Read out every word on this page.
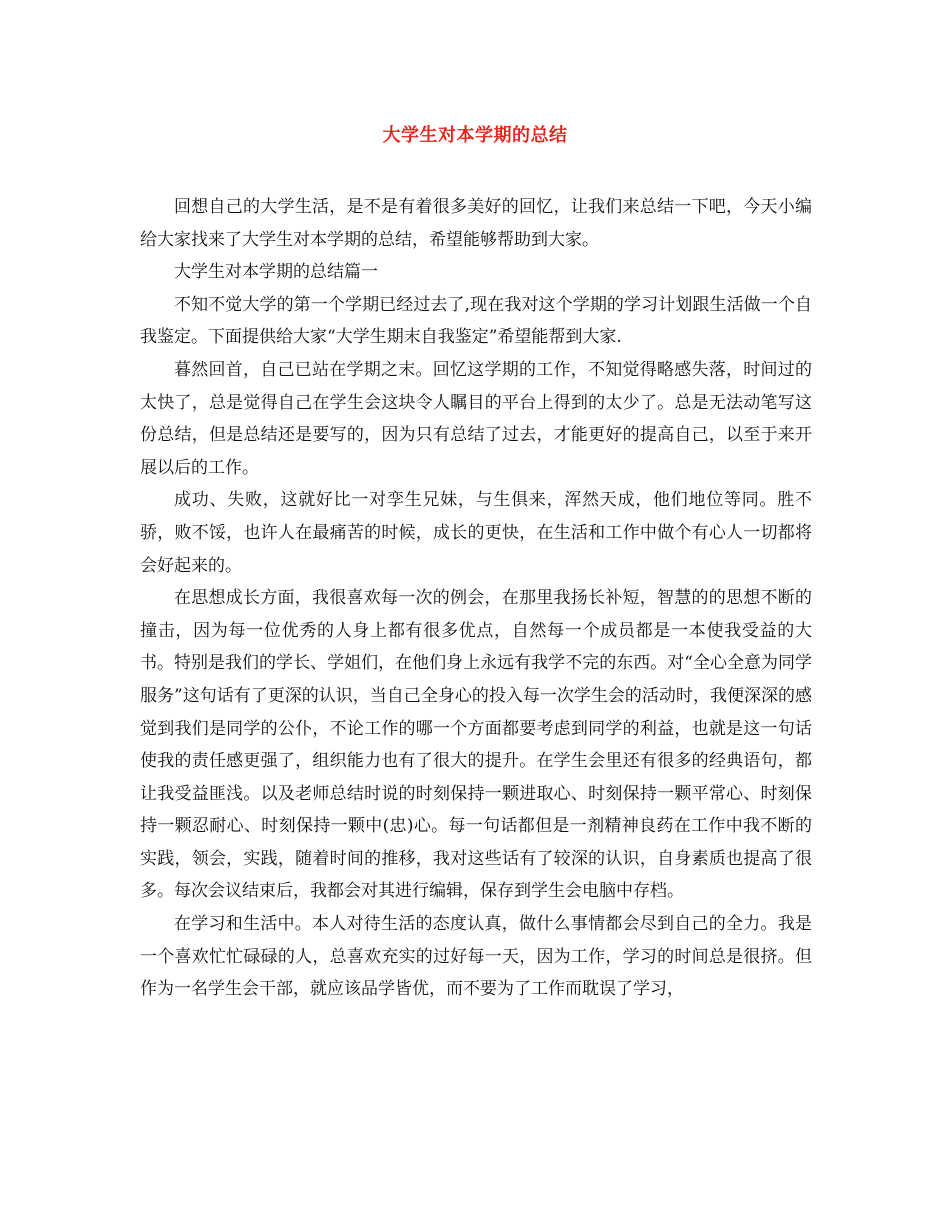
大学生对本学期的总结

回想自己的大学生活，是不是有着很多美好的回忆，让我们来总结一下吧，今天小编给大家找来了大学生对本学期的总结，希望能够帮助到大家。

大学生对本学期的总结篇一

不知不觉大学的第一个学期已经过去了,现在我对这个学期的学习计划跟生活做一个自我鉴定。下面提供给大家“大学生期末自我鉴定”希望能帮到大家.

暮然回首，自己已站在学期之末。回忆这学期的工作，不知觉得略感失落，时间过的太快了，总是觉得自己在学生会这块令人瞩目的平台上得到的太少了。总是无法动笔写这份总结，但是总结还是要写的，因为只有总结了过去，才能更好的提高自己，以至于来开展以后的工作。

成功、失败，这就好比一对孪生兄妹，与生俱来，浑然天成，他们地位等同。胜不骄，败不馁，也许人在最痛苦的时候，成长的更快，在生活和工作中做个有心人一切都将会好起来的。

在思想成长方面，我很喜欢每一次的例会，在那里我扬长补短，智慧的的思想不断的撞击，因为每一位优秀的人身上都有很多优点，自然每一个成员都是一本使我受益的大书。特别是我们的学长、学姐们，在他们身上永远有我学不完的东西。对“全心全意为同学服务”这句话有了更深的认识，当自己全身心的投入每一次学生会的活动时，我便深深的感觉到我们是同学的公仆，不论工作的哪一个方面都要考虑到同学的利益，也就是这一句话使我的责任感更强了，组织能力也有了很大的提升。在学生会里还有很多的经典语句，都让我受益匪浅。以及老师总结时说的时刻保持一颗进取心、时刻保持一颗平常心、时刻保持一颗忍耐心、时刻保持一颗中(忠)心。每一句话都但是一剂精神良药在工作中我不断的实践，领会，实践，随着时间的推移，我对这些话有了较深的认识，自身素质也提高了很多。每次会议结束后，我都会对其进行编辑，保存到学生会电脑中存档。

在学习和生活中。本人对待生活的态度认真，做什么事情都会尽到自己的全力。我是一个喜欢忙忙碌碌的人，总喜欢充实的过好每一天，因为工作，学习的时间总是很挤。但作为一名学生会干部，就应该品学皆优，而不要为了工作而耽误了学习，
